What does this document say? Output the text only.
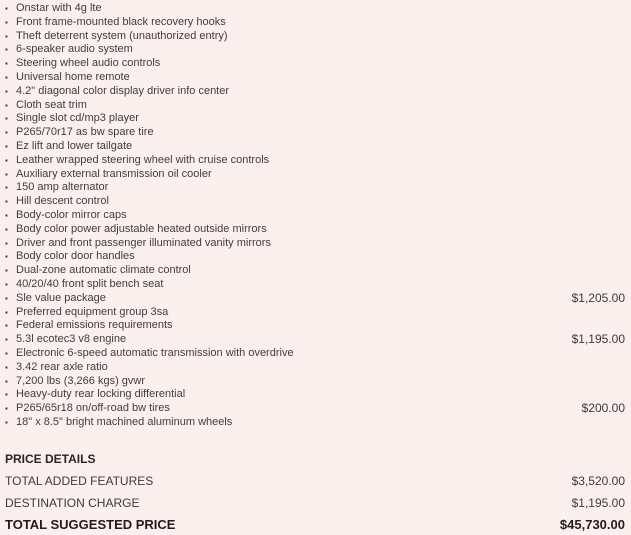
▪ Onstar with 4g lte
▪ Front frame-mounted black recovery hooks
▪ Theft deterrent system (unauthorized entry)
▪ 6-speaker audio system
▪ Steering wheel audio controls
▪ Universal home remote
▪ 4.2" diagonal color display driver info center
▪ Cloth seat trim
▪ Single slot cd/mp3 player
▪ P265/70r17 as bw spare tire
▪ Ez lift and lower tailgate
▪ Leather wrapped steering wheel with cruise controls
▪ Auxiliary external transmission oil cooler
▪ 150 amp alternator
▪ Hill descent control
▪ Body-color mirror caps
▪ Body color power adjustable heated outside mirrors
▪ Driver and front passenger illuminated vanity mirrors
▪ Body color door handles
▪ Dual-zone automatic climate control
▪ 40/20/40 front split bench seat
▪ Sle value package	$1,205.00
▪ Preferred equipment group 3sa
▪ Federal emissions requirements
▪ 5.3l ecotec3 v8 engine	$1,195.00
▪ Electronic 6-speed automatic transmission with overdrive
▪ 3.42 rear axle ratio
▪ 7,200 lbs (3,266 kgs) gvwr
▪ Heavy-duty rear locking differential
▪ P265/65r18 on/off-road bw tires	$200.00
▪ 18" x 8.5" bright machined aluminum wheels
PRICE DETAILS
TOTAL ADDED FEATURES	$3,520.00
DESTINATION CHARGE	$1,195.00
TOTAL SUGGESTED PRICE	$45,730.00
